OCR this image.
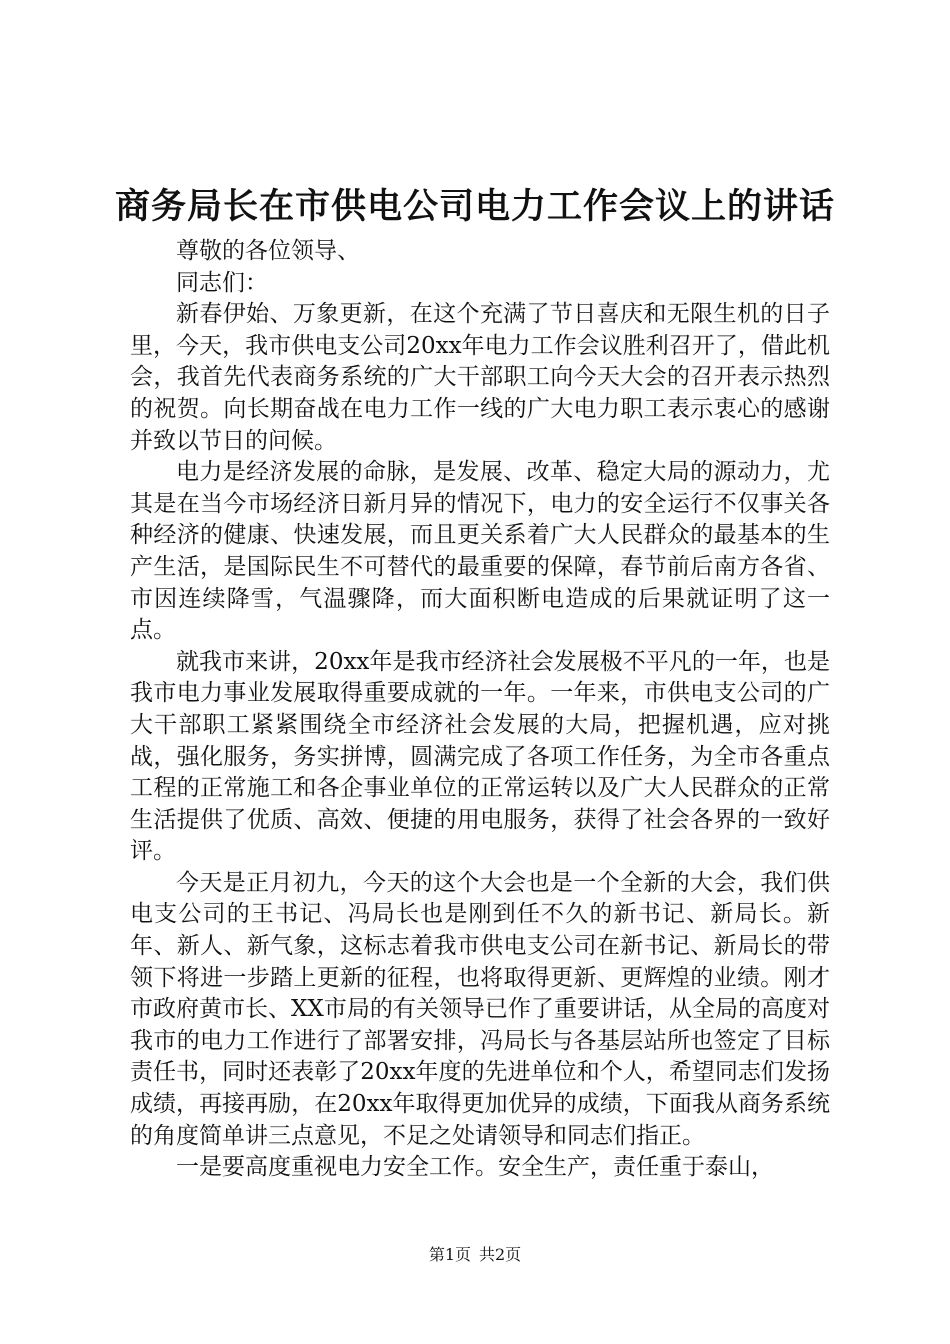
商务局长在市供电公司电力工作会议上的讲话

尊敬的各位领导、

同志们：

新春伊始、万象更新，在这个充满了节日喜庆和无限生机的日子里，今天，我市供电支公司20xx年电力工作会议胜利召开了，借此机会，我首先代表商务系统的广大干部职工向今天大会的召开表示热烈的祝贺。向长期奋战在电力工作一线的广大电力职工表示衷心的感谢并致以节日的问候。

电力是经济发展的命脉，是发展、改革、稳定大局的源动力，尤其是在当今市场经济日新月异的情况下，电力的安全运行不仅事关各种经济的健康、快速发展，而且更关系着广大人民群众的最基本的生产生活，是国际民生不可替代的最重要的保障，春节前后南方各省、市因连续降雪，气温骤降，而大面积断电造成的后果就证明了这一点。

就我市来讲，20xx年是我市经济社会发展极不平凡的一年，也是我市电力事业发展取得重要成就的一年。一年来，市供电支公司的广大干部职工紧紧围绕全市经济社会发展的大局，把握机遇，应对挑战，强化服务，务实拼博，圆满完成了各项工作任务，为全市各重点工程的正常施工和各企事业单位的正常运转以及广大人民群众的正常生活提供了优质、高效、便捷的用电服务，获得了社会各界的一致好评。

今天是正月初九，今天的这个大会也是一个全新的大会，我们供电支公司的王书记、冯局长也是刚到任不久的新书记、新局长。新年、新人、新气象，这标志着我市供电支公司在新书记、新局长的带领下将进一步踏上更新的征程，也将取得更新、更辉煌的业绩。刚才市政府黄市长、XX市局的有关领导已作了重要讲话，从全局的高度对我市的电力工作进行了部署安排，冯局长与各基层站所也签定了目标责任书，同时还表彰了20xx年度的先进单位和个人，希望同志们发扬成绩，再接再励，在20xx年取得更加优异的成绩，下面我从商务系统的角度简单讲三点意见，不足之处请领导和同志们指正。

一是要高度重视电力安全工作。安全生产，责任重于泰山，

第1页 共2页
